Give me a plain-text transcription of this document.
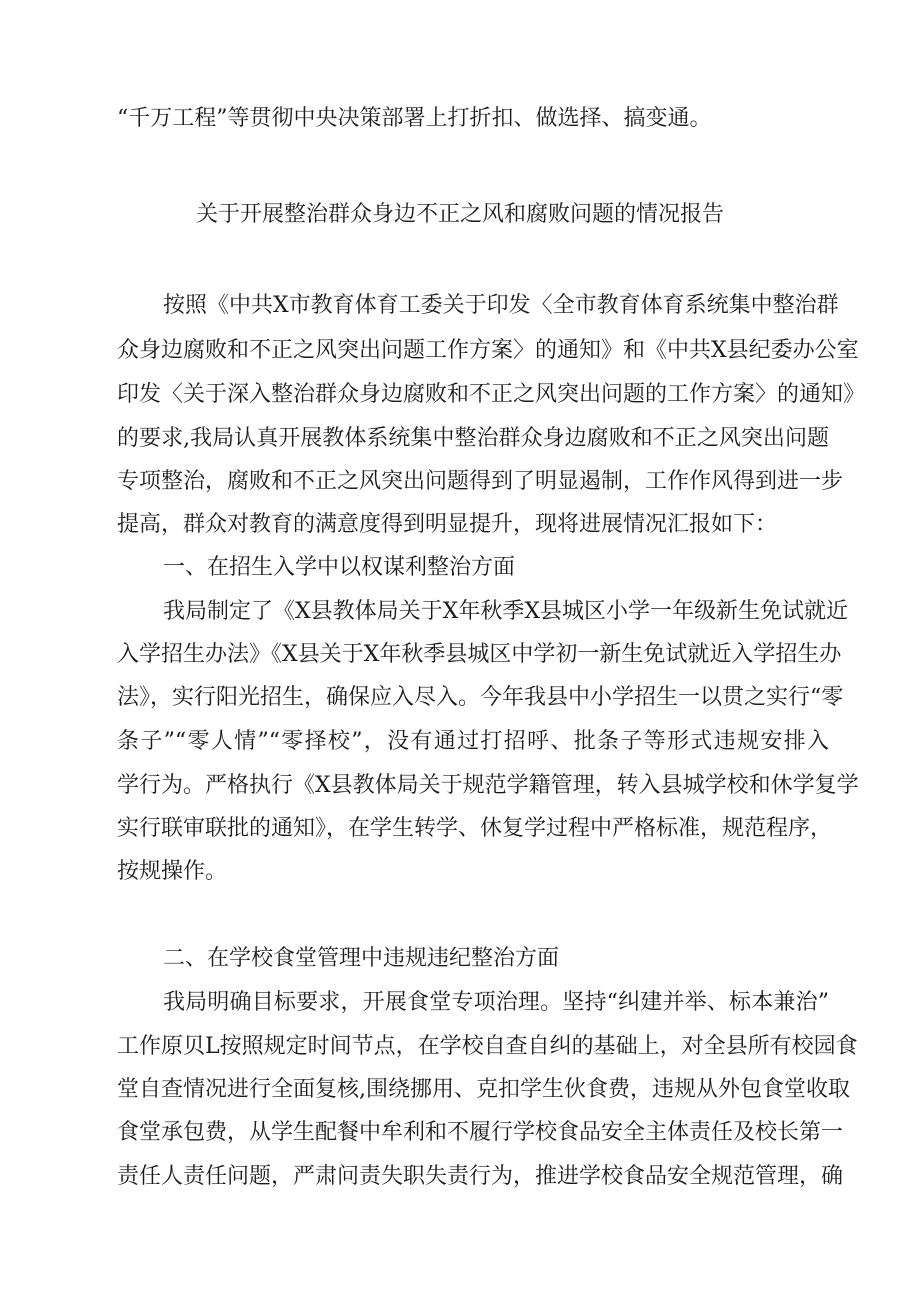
“千万工程”等贯彻中央决策部署上打折扣、做选择、搞变通。
关于开展整治群众身边不正之风和腐败问题的情况报告
按照《中共X市教育体育工委关于印发〈全市教育体育系统集中整治群
众身边腐败和不正之风突出问题工作方案〉的通知》和《中共X县纪委办公室
印发〈关于深入整治群众身边腐败和不正之风突出问题的工作方案〉的通知》
的要求,我局认真开展教体系统集中整治群众身边腐败和不正之风突出问题
专项整治，腐败和不正之风突出问题得到了明显遏制，工作作风得到进一步
提高，群众对教育的满意度得到明显提升，现将进展情况汇报如下：
一、在招生入学中以权谋利整治方面
我局制定了《X县教体局关于X年秋季X县城区小学一年级新生免试就近
入学招生办法》《X县关于X年秋季县城区中学初一新生免试就近入学招生办
法》，实行阳光招生，确保应入尽入。今年我县中小学招生一以贯之实行“零
条子”“零人情”“零择校”，没有通过打招呼、批条子等形式违规安排入
学行为。严格执行《X县教体局关于规范学籍管理，转入县城学校和休学复学
实行联审联批的通知》，在学生转学、休复学过程中严格标准，规范程序，
按规操作。
二、在学校食堂管理中违规违纪整治方面
我局明确目标要求，开展食堂专项治理。坚持“纠建并举、标本兼治”
工作原贝L按照规定时间节点，在学校自查自纠的基础上，对全县所有校园食
堂自查情况进行全面复核,围绕挪用、克扣学生伙食费，违规从外包食堂收取
食堂承包费，从学生配餐中牟利和不履行学校食品安全主体责任及校长第一
责任人责任问题，严肃问责失职失责行为，推进学校食品安全规范管理，确
